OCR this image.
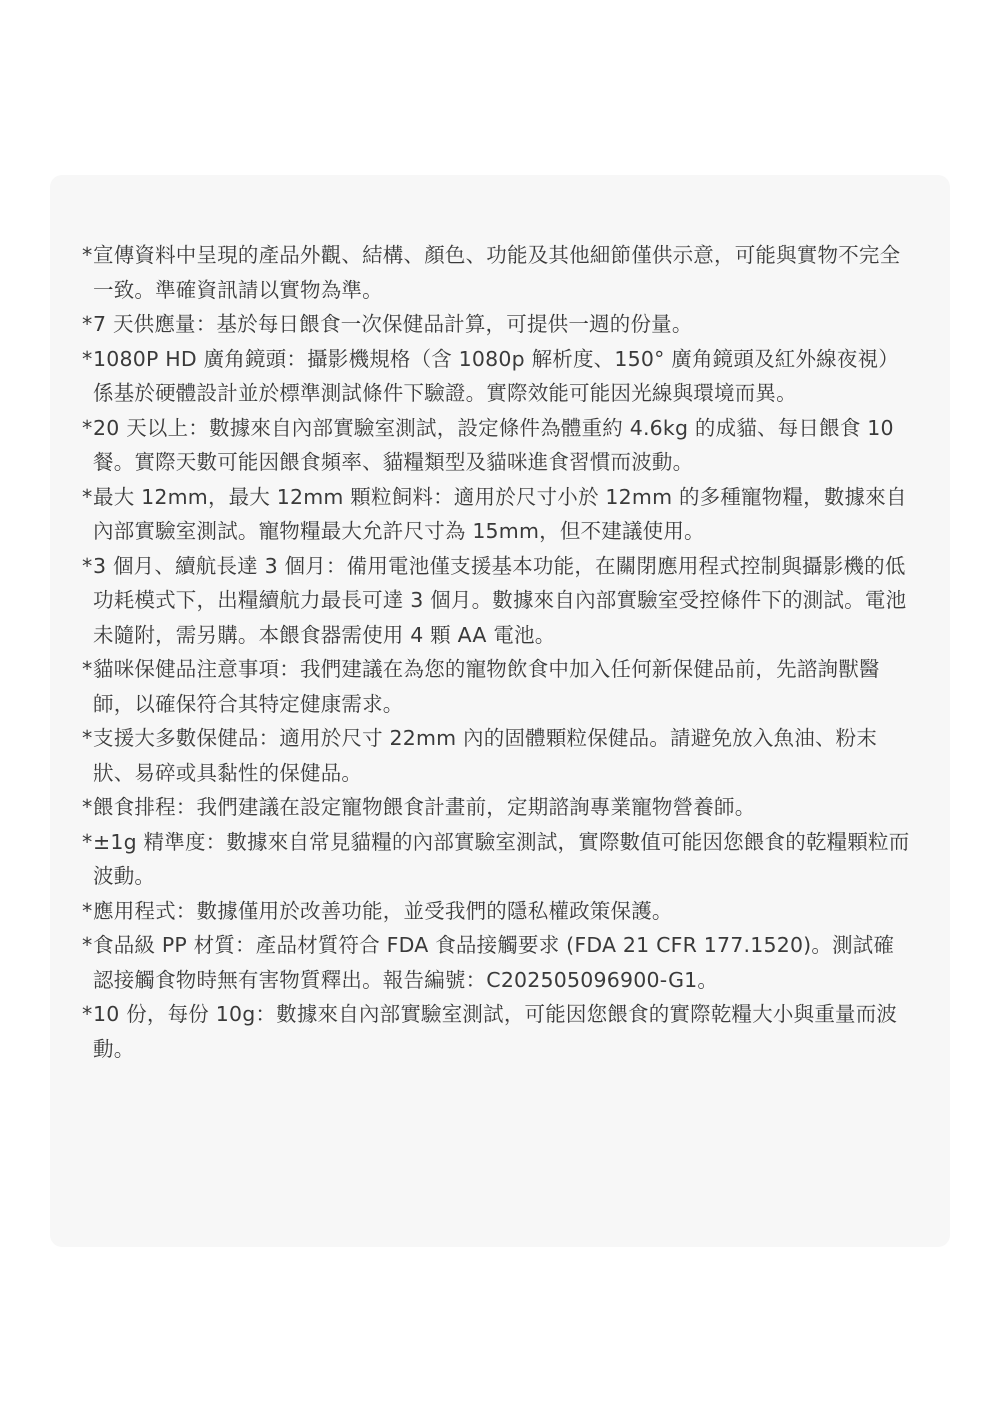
* 宣傳資料中呈現的產品外觀、結構、顏色、功能及其他細節僅供示意，可能與實物不完全一致。準確資訊請以實物為準。
* 7 天供應量：基於每日餵食一次保健品計算，可提供一週的份量。
* 1080P HD 廣角鏡頭：攝影機規格（含 1080p 解析度、150° 廣角鏡頭及紅外線夜視）係基於硬體設計並於標準測試條件下驗證。實際效能可能因光線與環境而異。
* 20 天以上：數據來自內部實驗室測試，設定條件為體重約 4.6kg 的成貓、每日餵食 10 餐。實際天數可能因餵食頻率、貓糧類型及貓咪進食習慣而波動。
* 最大 12mm，最大 12mm 顆粒飼料：適用於尺寸小於 12mm 的多種寵物糧，數據來自內部實驗室測試。寵物糧最大允許尺寸為 15mm，但不建議使用。
* 3 個月、續航長達 3 個月：備用電池僅支援基本功能，在關閉應用程式控制與攝影機的低功耗模式下，出糧續航力最長可達 3 個月。數據來自內部實驗室受控條件下的測試。電池未隨附，需另購。本餵食器需使用 4 顆 AA 電池。
* 貓咪保健品注意事項：我們建議在為您的寵物飲食中加入任何新保健品前，先諮詢獸醫師，以確保符合其特定健康需求。
* 支援大多數保健品：適用於尺寸 22mm 內的固體顆粒保健品。請避免放入魚油、粉末狀、易碎或具黏性的保健品。
* 餵食排程：我們建議在設定寵物餵食計畫前，定期諮詢專業寵物營養師。
* ±1g 精準度：數據來自常見貓糧的內部實驗室測試，實際數值可能因您餵食的乾糧顆粒而波動。
* 應用程式：數據僅用於改善功能，並受我們的隱私權政策保護。
* 食品級 PP 材質：產品材質符合 FDA 食品接觸要求 (FDA 21 CFR 177.1520)。測試確認接觸食物時無有害物質釋出。報告編號：C202505096900-G1。
* 10 份，每份 10g：數據來自內部實驗室測試，可能因您餵食的實際乾糧大小與重量而波動。
